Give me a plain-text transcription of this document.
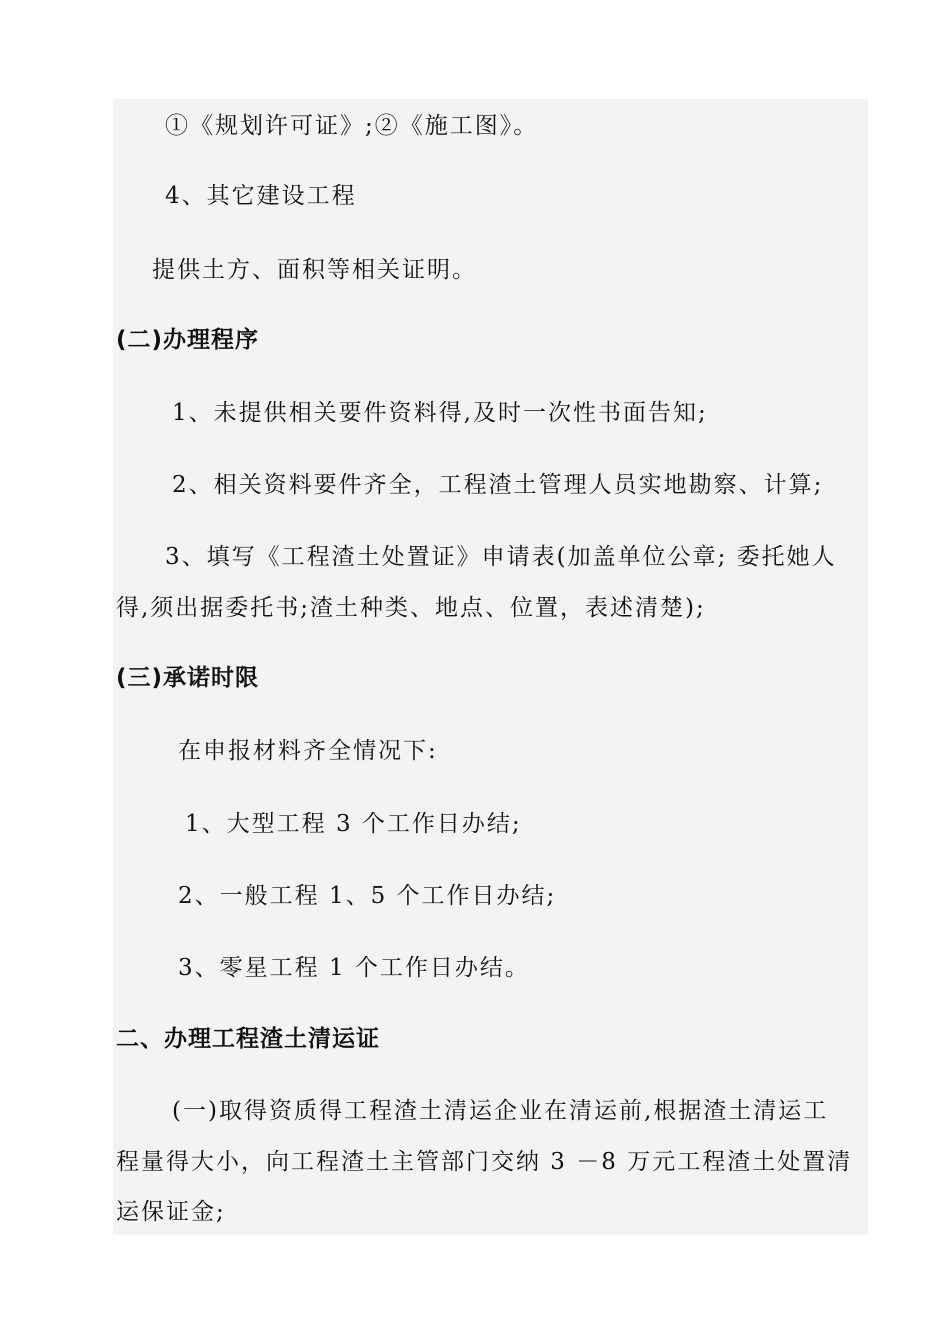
①《规划许可证》;②《施工图》。
4、其它建设工程
提供土方、面积等相关证明。
(二)办理程序
1、未提供相关要件资料得,及时一次性书面告知;
2、相关资料要件齐全，工程渣土管理人员实地勘察、计算;
3、填写《工程渣土处置证》申请表(加盖单位公章; 委托她人
得,须出据委托书;渣土种类、地点、位置，表述清楚);
(三)承诺时限
在申报材料齐全情况下:
1、大型工程 3 个工作日办结;
2、一般工程 1、5 个工作日办结;
3、零星工程 1 个工作日办结。
二、办理工程渣土清运证
(一)取得资质得工程渣土清运企业在清运前,根据渣土清运工
程量得大小，向工程渣土主管部门交纳 3 －8 万元工程渣土处置清
运保证金;
